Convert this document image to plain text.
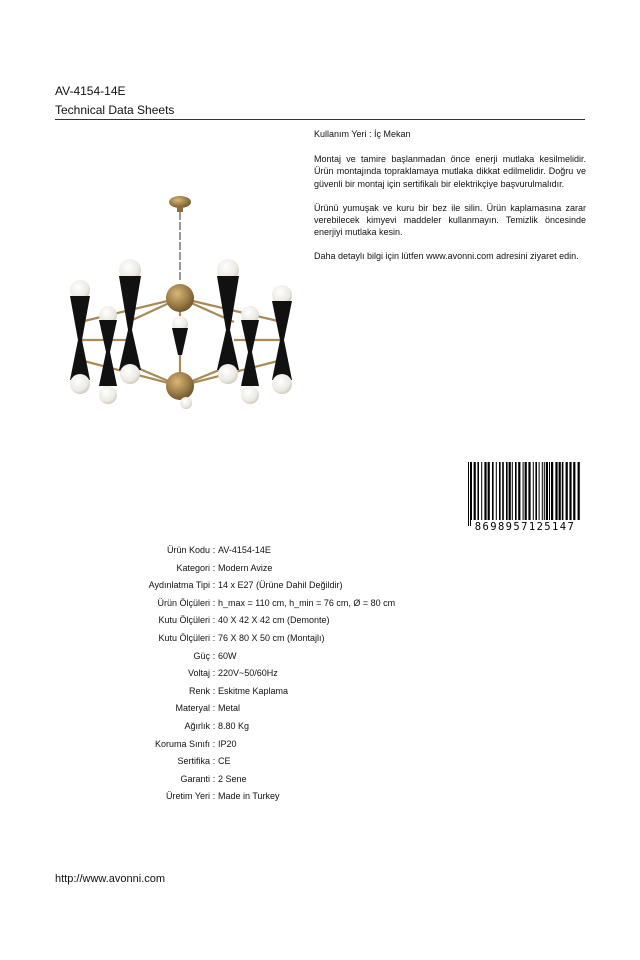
AV-4154-14E
Technical Data Sheets

Kullanım Yeri : İç Mekan

Montaj ve tamire başlanmadan önce enerji mutlaka kesilmelidir. Ürün montajında topraklamaya mutlaka dikkat edilmelidir. Doğru ve güvenli bir montaj için sertifikalı bir elektrikçiye başvurulmalıdır.

Ürünü yumuşak ve kuru bir bez ile silin. Ürün kaplamasına zarar verebilecek kimyevi maddeler kullanmayın. Temizlik öncesinde enerjiyi mutlaka kesin.

Daha detaylı bilgi için lütfen www.avonni.com adresini ziyaret edin.

8698957125147
Ürün Kodu : AV-4154-14E
Kategori : Modern Avize
Aydınlatma Tipi : 14 x E27 (Ürüne Dahil Değildir)
Ürün Ölçüleri : h_max = 110 cm, h_min = 76 cm, Ø = 80 cm
Kutu Ölçüleri : 40 X 42 X 42 cm (Demonte)
Kutu Ölçüleri : 76 X 80 X 50 cm (Montajlı)
Güç : 60W
Voltaj : 220V~50/60Hz
Renk : Eskitme Kaplama
Materyal : Metal
Ağırlık : 8.80 Kg
Koruma Sınıfı : IP20
Sertifika : CE
Garanti : 2 Sene
Üretim Yeri : Made in Turkey
http://www.avonni.com
